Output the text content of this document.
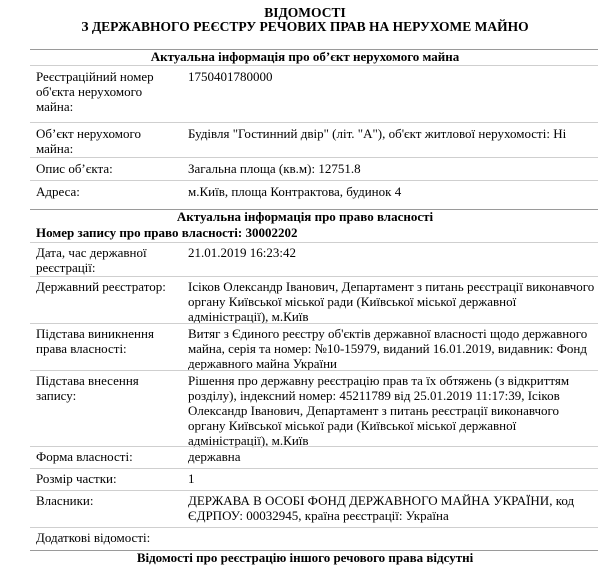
ВІДОМОСТІ
З ДЕРЖАВНОГО РЕЄСТРУ РЕЧОВИХ ПРАВ НА НЕРУХОМЕ МАЙНО
Актуальна інформація про об’єкт нерухомого майна
Реєстраційний номер об'єкта нерухомого майна:
1750401780000
Об’єкт нерухомого майна:
Будівля "Гостинний двір" (літ. "А"), об'єкт житлової нерухомості: Ні
Опис об’єкта:	Загальна площа (кв.м): 12751.8
Адреса:	м.Київ, площа Контрактова, будинок 4
Актуальна інформація про право власності
Номер запису про право власності: 30002202
Дата, час державної реєстрації:
21.01.2019 16:23:42
Державний реєстратор:	Ісіков Олександр Іванович, Департамент з питань реєстрації виконавчого органу Київської міської ради (Київської міської державної адміністрації), м.Київ
Підстава виникнення права власності:
Витяг з Єдиного реєстру об'єктів державної власності щодо державного майна, серія та номер: №10-15979, виданий 16.01.2019, видавник: Фонд державного майна України
Підстава внесення запису:
Рішення про державну реєстрацію прав та їх обтяжень (з відкриттям розділу), індексний номер: 45211789 від 25.01.2019 11:17:39, Ісіков Олександр Іванович, Департамент з питань реєстрації виконавчого органу Київської міської ради (Київської міської державної адміністрації), м.Київ
Форма власності:	державна
Розмір частки:	1
Власники:	ДЕРЖАВА В ОСОБІ ФОНД ДЕРЖАВНОГО МАЙНА УКРАЇНИ, код ЄДРПОУ: 00032945, країна реєстрації: Україна
Додаткові відомості:
Відомості про реєстрацію іншого речового права відсутні
